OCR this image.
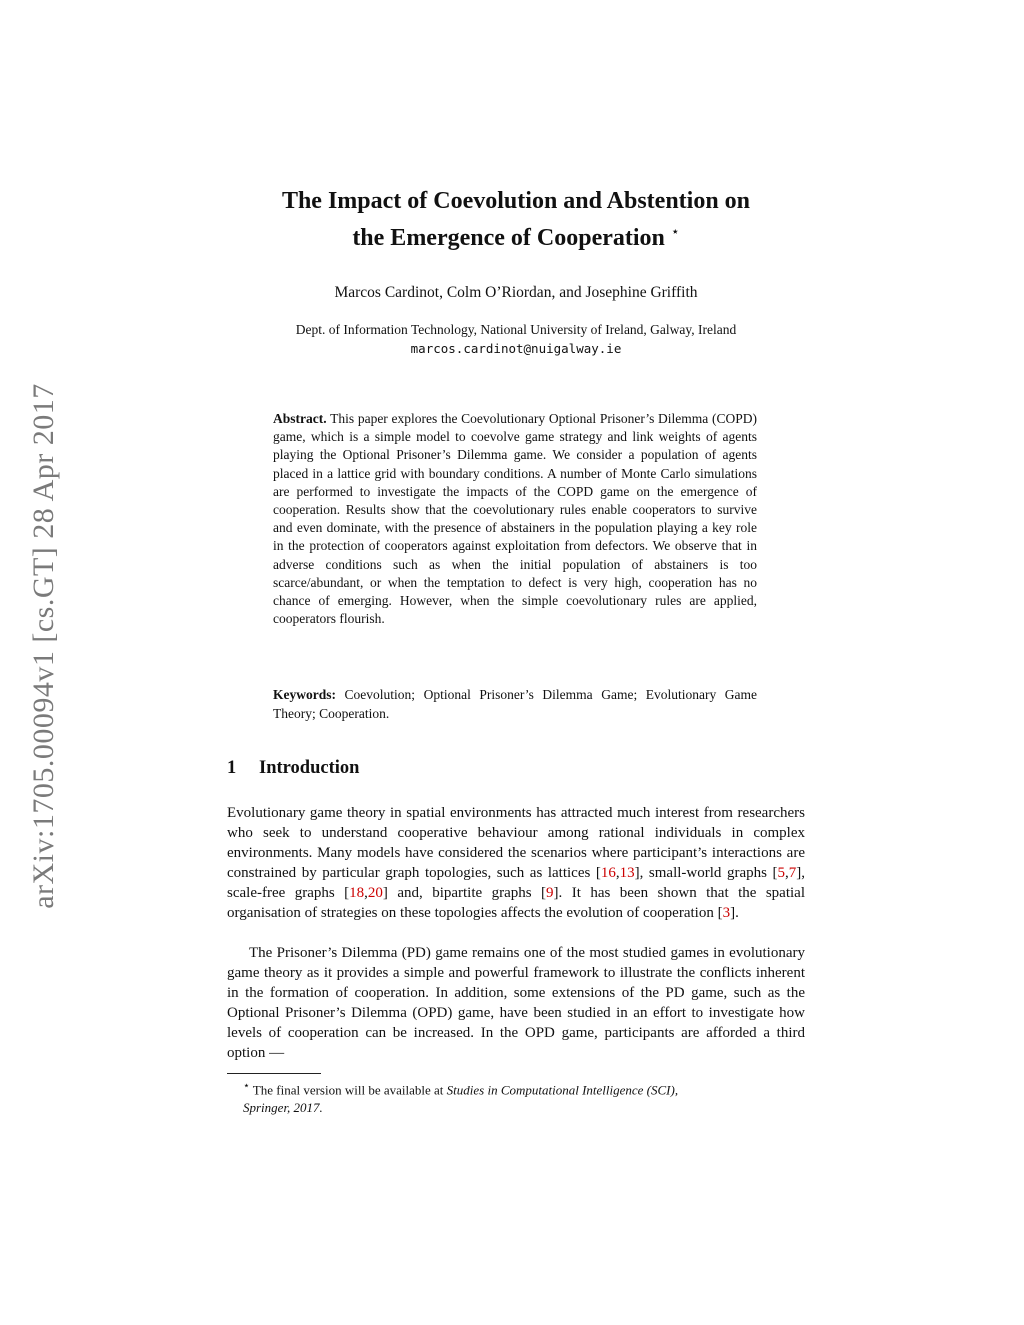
arXiv:1705.00094v1 [cs.GT] 28 Apr 2017
The Impact of Coevolution and Abstention on
the Emergence of Cooperation ⋆
Marcos Cardinot, Colm O’Riordan, and Josephine Griffith
Dept. of Information Technology, National University of Ireland, Galway, Ireland
marcos.cardinot@nuigalway.ie
Abstract. This paper explores the Coevolutionary Optional Prisoner’s Dilemma (COPD) game, which is a simple model to coevolve game strategy and link weights of agents playing the Optional Prisoner’s Dilemma game. We consider a population of agents placed in a lattice grid with boundary conditions. A number of Monte Carlo simulations are performed to investigate the impacts of the COPD game on the emergence of cooperation. Results show that the coevolutionary rules enable cooperators to survive and even dominate, with the presence of abstainers in the population playing a key role in the protection of cooperators against exploitation from defectors. We observe that in adverse conditions such as when the initial population of abstainers is too scarce/abundant, or when the temptation to defect is very high, cooperation has no chance of emerging. However, when the simple coevolutionary rules are applied, cooperators flourish.
Keywords: Coevolution; Optional Prisoner’s Dilemma Game; Evolutionary Game Theory; Cooperation.
1 Introduction
Evolutionary game theory in spatial environments has attracted much interest from researchers who seek to understand cooperative behaviour among rational individuals in complex environments. Many models have considered the scenarios where participant’s interactions are constrained by particular graph topologies, such as lattices [16,13], small-world graphs [5,7], scale-free graphs [18,20] and, bipartite graphs [9]. It has been shown that the spatial organisation of strategies on these topologies affects the evolution of cooperation [3].
The Prisoner’s Dilemma (PD) game remains one of the most studied games in evolutionary game theory as it provides a simple and powerful framework to illustrate the conflicts inherent in the formation of cooperation. In addition, some extensions of the PD game, such as the Optional Prisoner’s Dilemma (OPD) game, have been studied in an effort to investigate how levels of cooperation can be increased. In the OPD game, participants are afforded a third option —
⋆ The final version will be available at Studies in Computational Intelligence (SCI),
Springer, 2017.
